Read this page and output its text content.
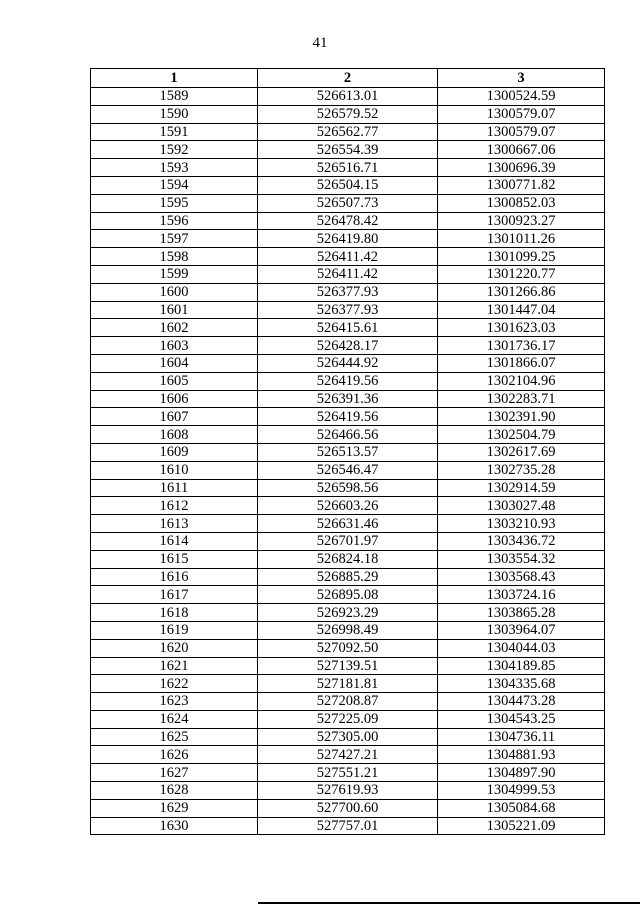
41
1	2	3
1589	526613.01	1300524.59
1590	526579.52	1300579.07
1591	526562.77	1300579.07
1592	526554.39	1300667.06
1593	526516.71	1300696.39
1594	526504.15	1300771.82
1595	526507.73	1300852.03
1596	526478.42	1300923.27
1597	526419.80	1301011.26
1598	526411.42	1301099.25
1599	526411.42	1301220.77
1600	526377.93	1301266.86
1601	526377.93	1301447.04
1602	526415.61	1301623.03
1603	526428.17	1301736.17
1604	526444.92	1301866.07
1605	526419.56	1302104.96
1606	526391.36	1302283.71
1607	526419.56	1302391.90
1608	526466.56	1302504.79
1609	526513.57	1302617.69
1610	526546.47	1302735.28
1611	526598.56	1302914.59
1612	526603.26	1303027.48
1613	526631.46	1303210.93
1614	526701.97	1303436.72
1615	526824.18	1303554.32
1616	526885.29	1303568.43
1617	526895.08	1303724.16
1618	526923.29	1303865.28
1619	526998.49	1303964.07
1620	527092.50	1304044.03
1621	527139.51	1304189.85
1622	527181.81	1304335.68
1623	527208.87	1304473.28
1624	527225.09	1304543.25
1625	527305.00	1304736.11
1626	527427.21	1304881.93
1627	527551.21	1304897.90
1628	527619.93	1304999.53
1629	527700.60	1305084.68
1630	527757.01	1305221.09
